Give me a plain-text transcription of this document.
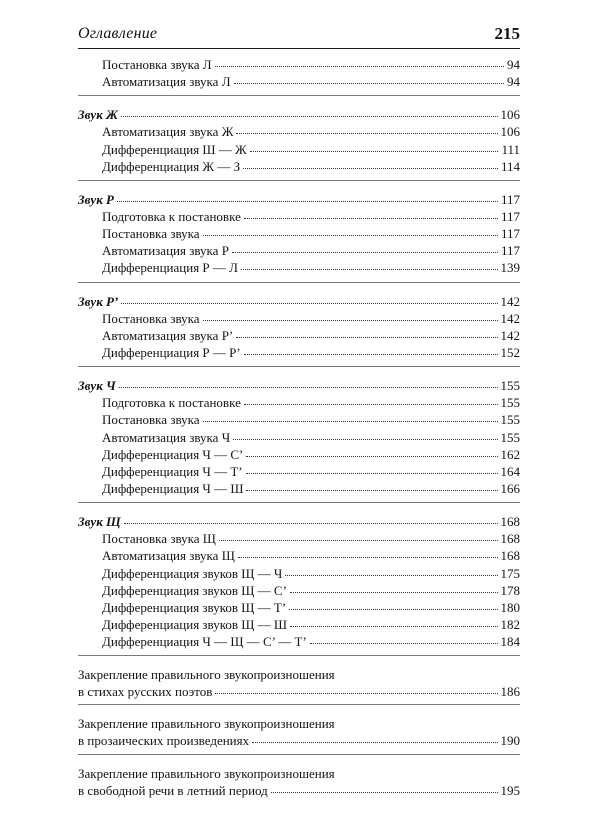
Оглавление	215
Постановка звука Л	94
Автоматизация звука Л	94
Звук Ж	106
Автоматизация звука Ж	106
Дифференциация Ш — Ж	111
Дифференциация Ж — З	114
Звук Р	117
Подготовка к постановке	117
Постановка звука	117
Автоматизация звука Р	117
Дифференциация Р — Л	139
Звук Р’	142
Постановка звука	142
Автоматизация звука Р’	142
Дифференциация Р — Р’	152
Звук Ч	155
Подготовка к постановке	155
Постановка звука	155
Автоматизация звука Ч	155
Дифференциация Ч — С’	162
Дифференциация Ч — Т’	164
Дифференциация Ч — Ш	166
Звук Щ	168
Постановка звука Щ	168
Автоматизация звука Щ	168
Дифференциация звуков Щ — Ч	175
Дифференциация звуков Щ — С’	178
Дифференциация звуков Щ — Т’	180
Дифференциация звуков Щ — Ш	182
Дифференциация Ч — Щ — С’ — Т’	184
Закрепление правильного звукопроизношения
в стихах русских поэтов	186
Закрепление правильного звукопроизношения
в прозаических произведениях	190
Закрепление правильного звукопроизношения
в свободной речи в летний период	195
